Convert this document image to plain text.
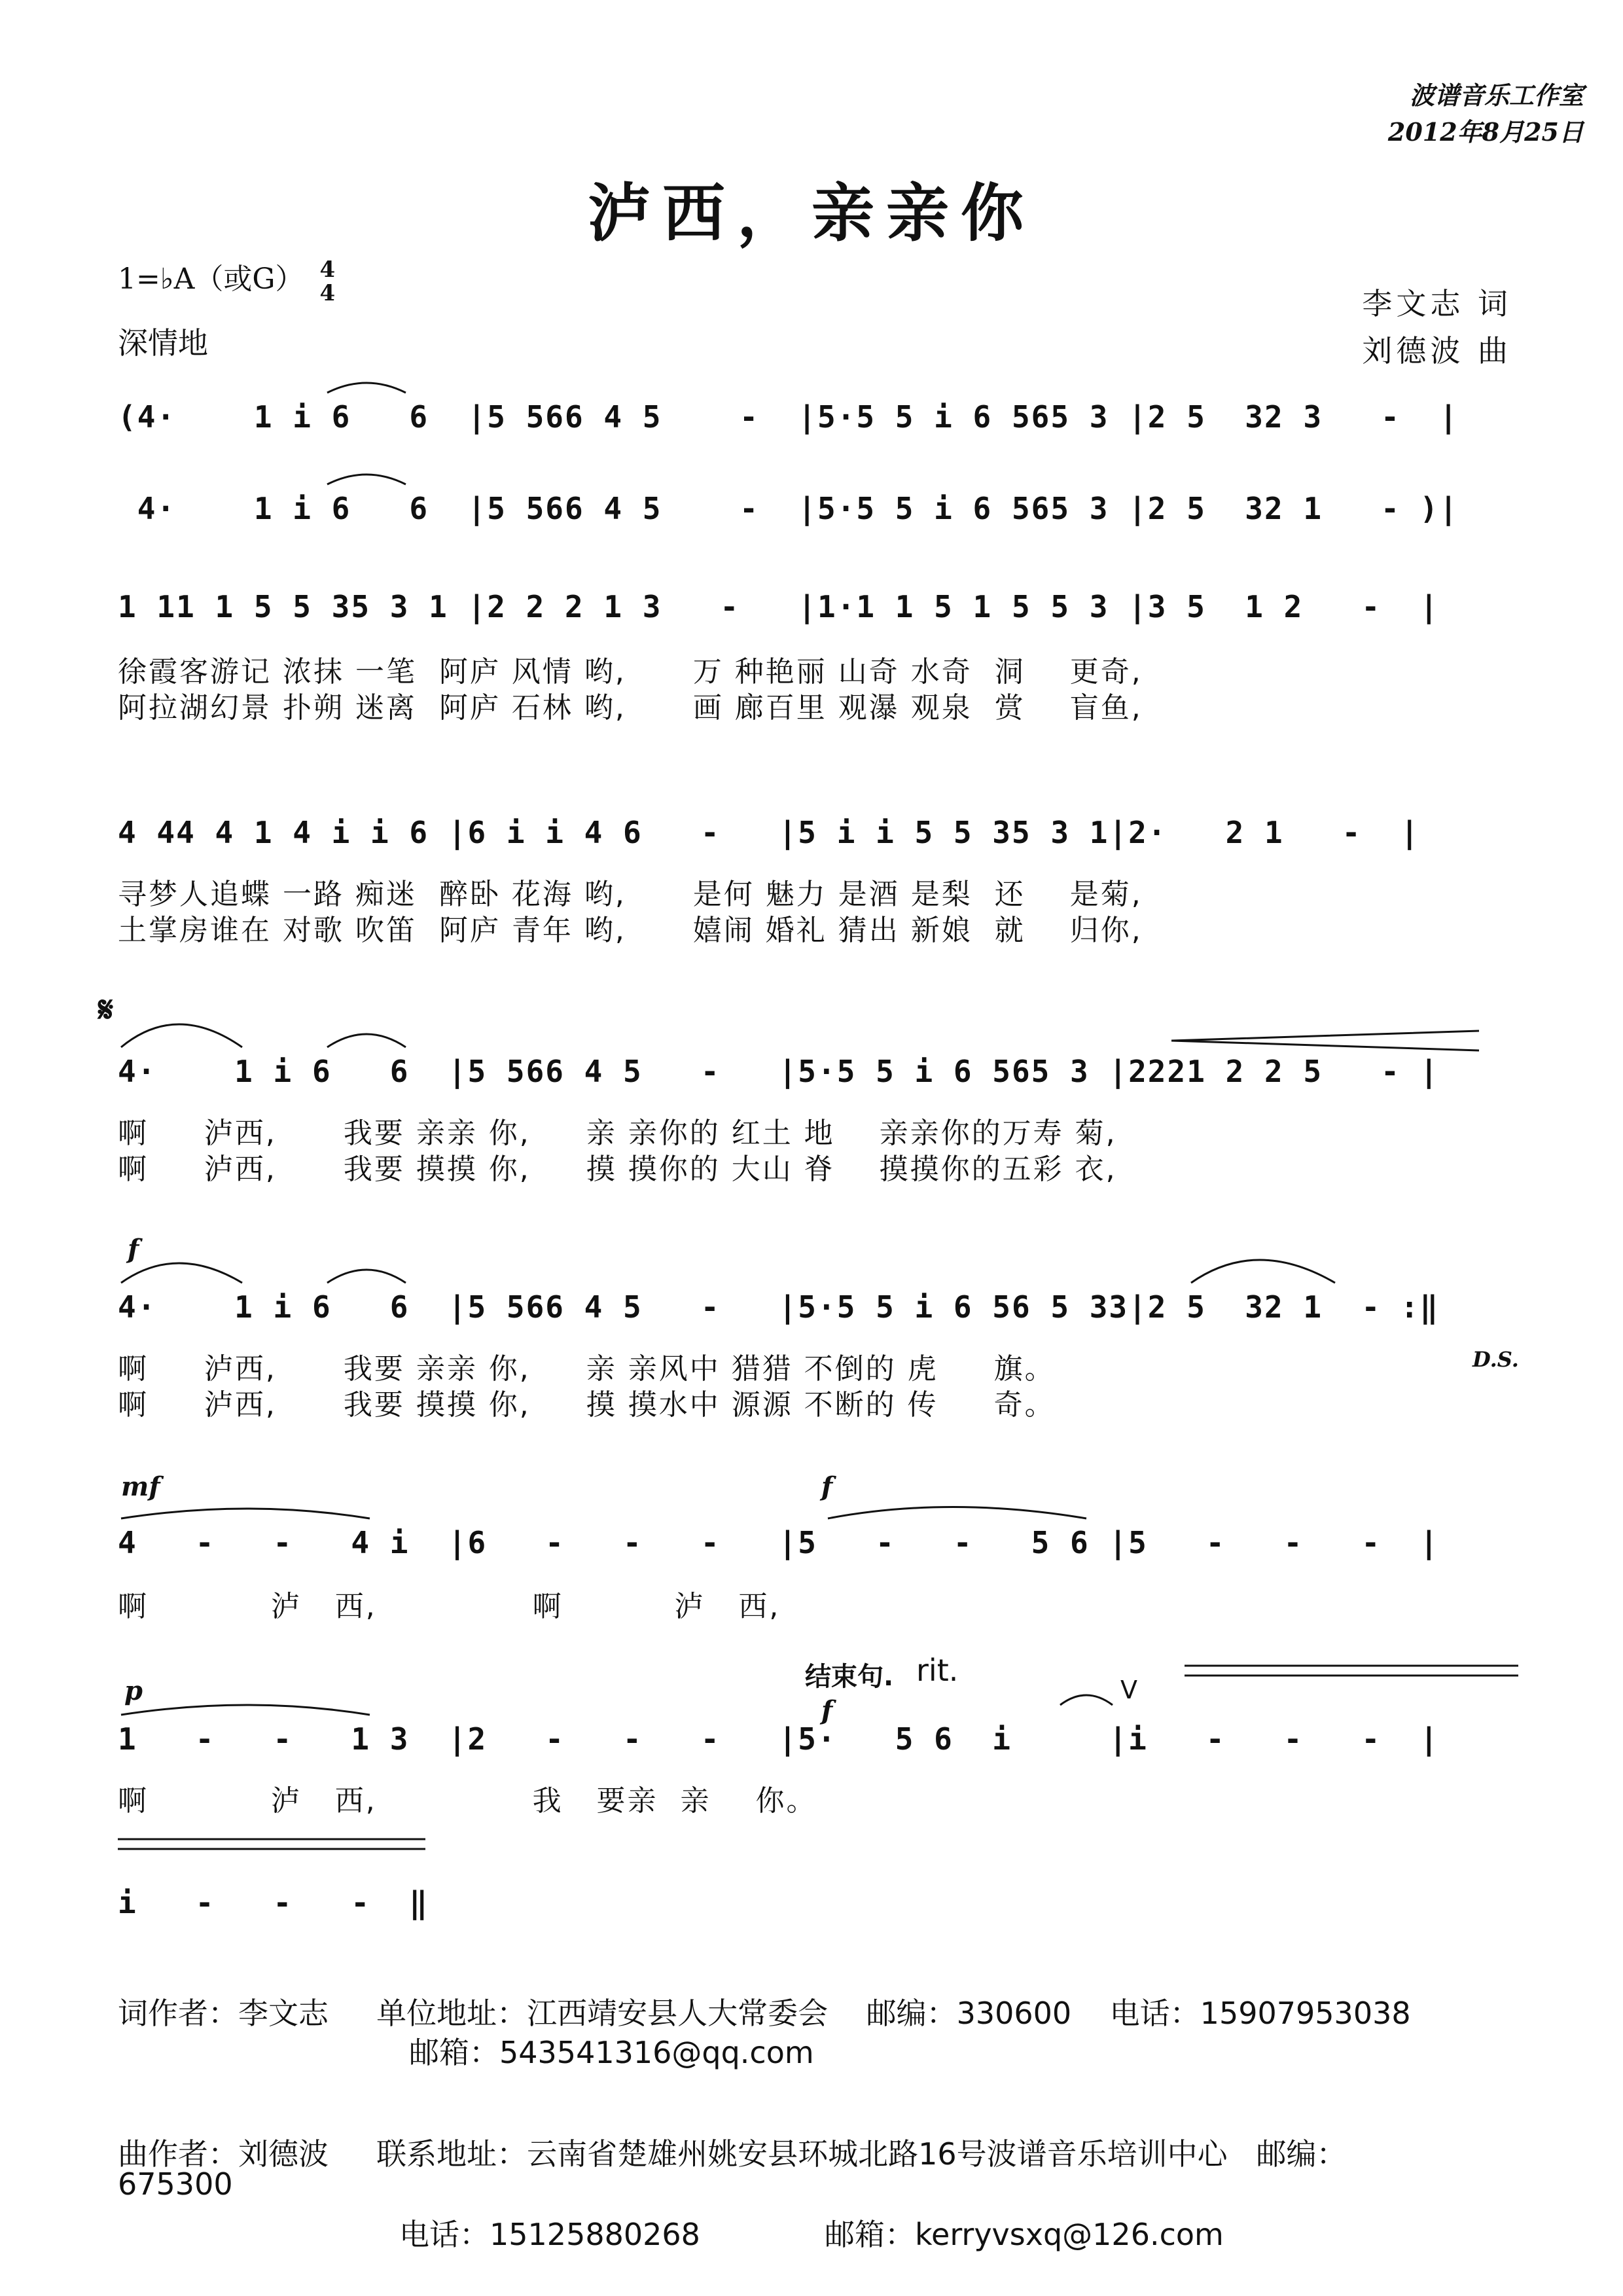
波谱音乐工作室
2012年8月25日
泸西，亲亲你
1=♭A（或G） 4
4
深情地
李文志 词
刘德波 曲
(4·    1 i 6   6  |5 566 4 5    -  |5·5 5 i 6 565 3 |2 5  32 3   -  |
4·    1 i 6   6  |5 566 4 5    -  |5·5 5 i 6 565 3 |2 5  32 1   - )|
1 11 1 5 5 35 3 1 |2 2 2 1 3   -   |1·1 1 5 1 5 5 3 |3 5  1 2   -  |
徐霞客游记 浓抹 一笔  阿庐 风情 哟,      万 种艳丽 山奇 水奇  洞    更奇,
阿拉湖幻景 扑朔 迷离  阿庐 石林 哟,      画 廊百里 观瀑 观泉  赏    盲鱼,
4 44 4 1 4 i i 6 |6 i i 4 6   -   |5 i i 5 5 35 3 1|2·   2 1   -  |
寻梦人追蝶 一路 痴迷  醉卧 花海 哟,      是何 魅力 是酒 是梨  还    是菊,
土掌房谁在 对歌 吹笛  阿庐 青年 哟,      嬉闹 婚礼 猜出 新娘  就    归你,
𝄋
4·    1 i 6   6  |5 566 4 5   -   |5·5 5 i 6 565 3 |2221 2 2 5   - |
啊     泸西,      我要 亲亲 你,     亲 亲你的 红土 地    亲亲你的万寿 菊,
啊     泸西,      我要 摸摸 你,     摸 摸你的 大山 脊    摸摸你的五彩 衣,
f
4·    1 i 6   6  |5 566 4 5   -   |5·5 5 i 6 56 5 33|2 5  32 1  - :‖
D.S.
啊     泸西,      我要 亲亲 你,     亲 亲风中 猎猎 不倒的 虎     旗。
啊     泸西,      我要 摸摸 你,     摸 摸水中 源源 不断的 传     奇。
mf	f
4   -   -   4 i  |6   -   -   -   |5   -   -   5 6 |5   -   -   -  |
啊           泸   西,              啊          泸   西,
结束句. rit.
p
f
V
1   -   -   1 3  |2   -   -   -   |5·   5 6  i     |i   -   -   -  |
啊           泸   西,              我   要亲  亲    你。
i   -   -   -  ‖
词作者：李文志     单位地址：江西靖安县人大常委会    邮编：330600    电话：15907953038
邮箱：543541316@qq.com
曲作者：刘德波     联系地址：云南省楚雄州姚安县环城北路16号波谱音乐培训中心   邮编：
675300
电话：15125880268             邮箱：kerryvsxq@126.com
